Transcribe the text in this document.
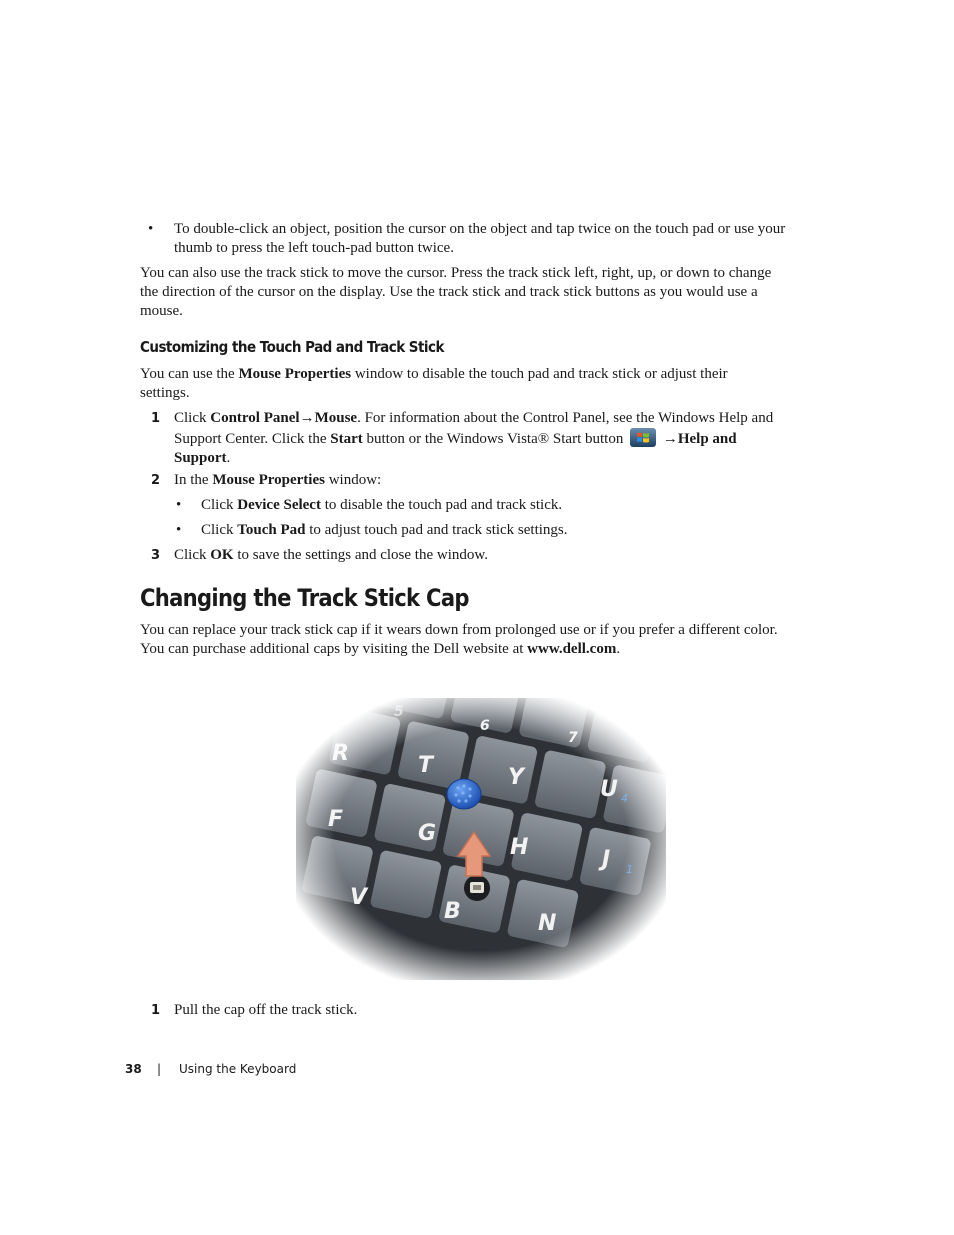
• To double-click an object, position the cursor on the object and tap twice on the touch pad or use your
thumb to press the left touch-pad button twice.
You can also use the track stick to move the cursor. Press the track stick left, right, up, or down to change
the direction of the cursor on the display. Use the track stick and track stick buttons as you would use a
mouse.
Customizing the Touch Pad and Track Stick
You can use the Mouse Properties window to disable the touch pad and track stick or adjust their
settings.
1 Click Control Panel→Mouse. For information about the Control Panel, see the Windows Help and
Support Center. Click the Start button or the Windows Vista® Start button	→Help and
Support.
2 In the Mouse Properties window:
• Click Device Select to disable the touch pad and track stick.
• Click Touch Pad to adjust touch pad and track stick settings.
3 Click OK to save the settings and close the window.
Changing the Track Stick Cap
You can replace your track stick cap if it wears down from prolonged use or if you prefer a different color.
You can purchase additional caps by visiting the Dell website at www.dell.com.
1 Pull the cap off the track stick.
38 | Using the Keyboard
